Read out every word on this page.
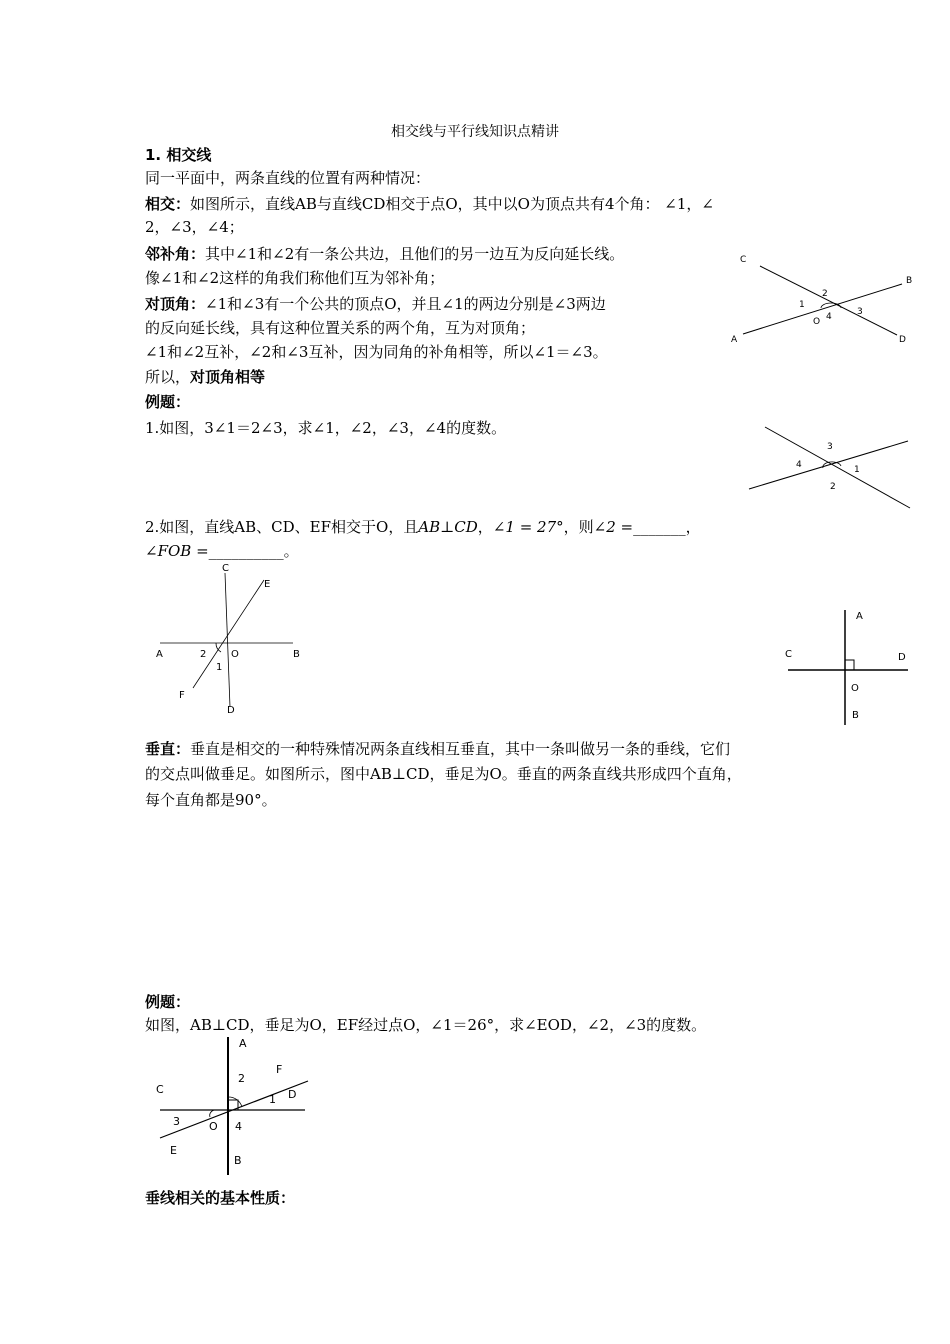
相交线与平行线知识点精讲
1. 相交线
同一平面中，两条直线的位置有两种情况：
相交：如图所示，直线AB与直线CD相交于点O，其中以O为顶点共有4个角： ∠1，∠
2，∠3，∠4；
邻补角：其中∠1和∠2有一条公共边，且他们的另一边互为反向延长线。
像∠1和∠2这样的角我们称他们互为邻补角；
对顶角：∠1和∠3有一个公共的顶点O，并且∠1的两边分别是∠3两边
的反向延长线，具有这种位置关系的两个角，互为对顶角；
∠1和∠2互补，∠2和∠3互补，因为同角的补角相等，所以∠1＝∠3。
所以，对顶角相等
例题：
1.如图，3∠1＝2∠3，求∠1，∠2，∠3，∠4的度数。
2.如图，直线AB、CD、EF相交于O，且AB⊥CD，∠1 = 27°，则∠2 =_______，
∠FOB =__________。
垂直：垂直是相交的一种特殊情况两条直线相互垂直，其中一条叫做另一条的垂线，它们
的交点叫做垂足。如图所示，图中AB⊥CD，垂足为O。垂直的两条直线共形成四个直角，
每个直角都是90°。
例题：
如图，AB⊥CD，垂足为O，EF经过点O，∠1＝26°，求∠EOD，∠2，∠3的度数。
垂线相关的基本性质：
C
B
A	D
1
2
3
4
O
3
4	1
2
C
E
A	2 O	B
1
F
D
A
C	D
O
B
A
2
F
C
1 D
3	O 4
E
B
